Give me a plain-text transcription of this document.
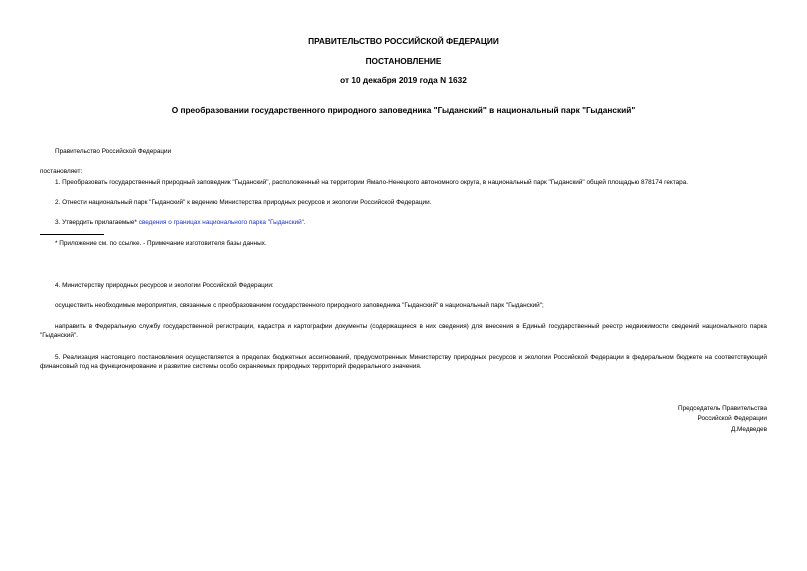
ПРАВИТЕЛЬСТВО РОССИЙСКОЙ ФЕДЕРАЦИИ
ПОСТАНОВЛЕНИЕ
от 10 декабря 2019 года N 1632
О преобразовании государственного природного заповедника "Гыданский" в национальный парк "Гыданский"
Правительство Российской Федерации
постановляет:
1. Преобразовать государственный природный заповедник "Гыданский", расположенный на территории Ямало-Ненецкого автономного округа, в национальный парк "Гыданский" общей площадью 878174 гектара.
2. Отнести национальный парк "Гыданский" к ведению Министерства природных ресурсов и экологии Российской Федерации.
3. Утвердить прилагаемые* сведения о границах национального парка "Гыданский".
* Приложение см. по ссылке. - Примечание изготовителя базы данных.
4. Министерству природных ресурсов и экологии Российской Федерации:
осуществить необходимые мероприятия, связанные с преобразованием государственного природного заповедника "Гыданский" в национальный парк "Гыданский";
направить в Федеральную службу государственной регистрации, кадастра и картографии документы (содержащиеся в них сведения) для внесения в Единый государственный реестр недвижимости сведений национального парка "Гыданский".
5. Реализация настоящего постановления осуществляется в пределах бюджетных ассигнований, предусмотренных Министерству природных ресурсов и экологии Российской Федерации в федеральном бюджете на соответствующий финансовый год на функционирование и развитие системы особо охраняемых природных территорий федерального значения.
Председатель Правительства
Российской Федерации
Д.Медведев
